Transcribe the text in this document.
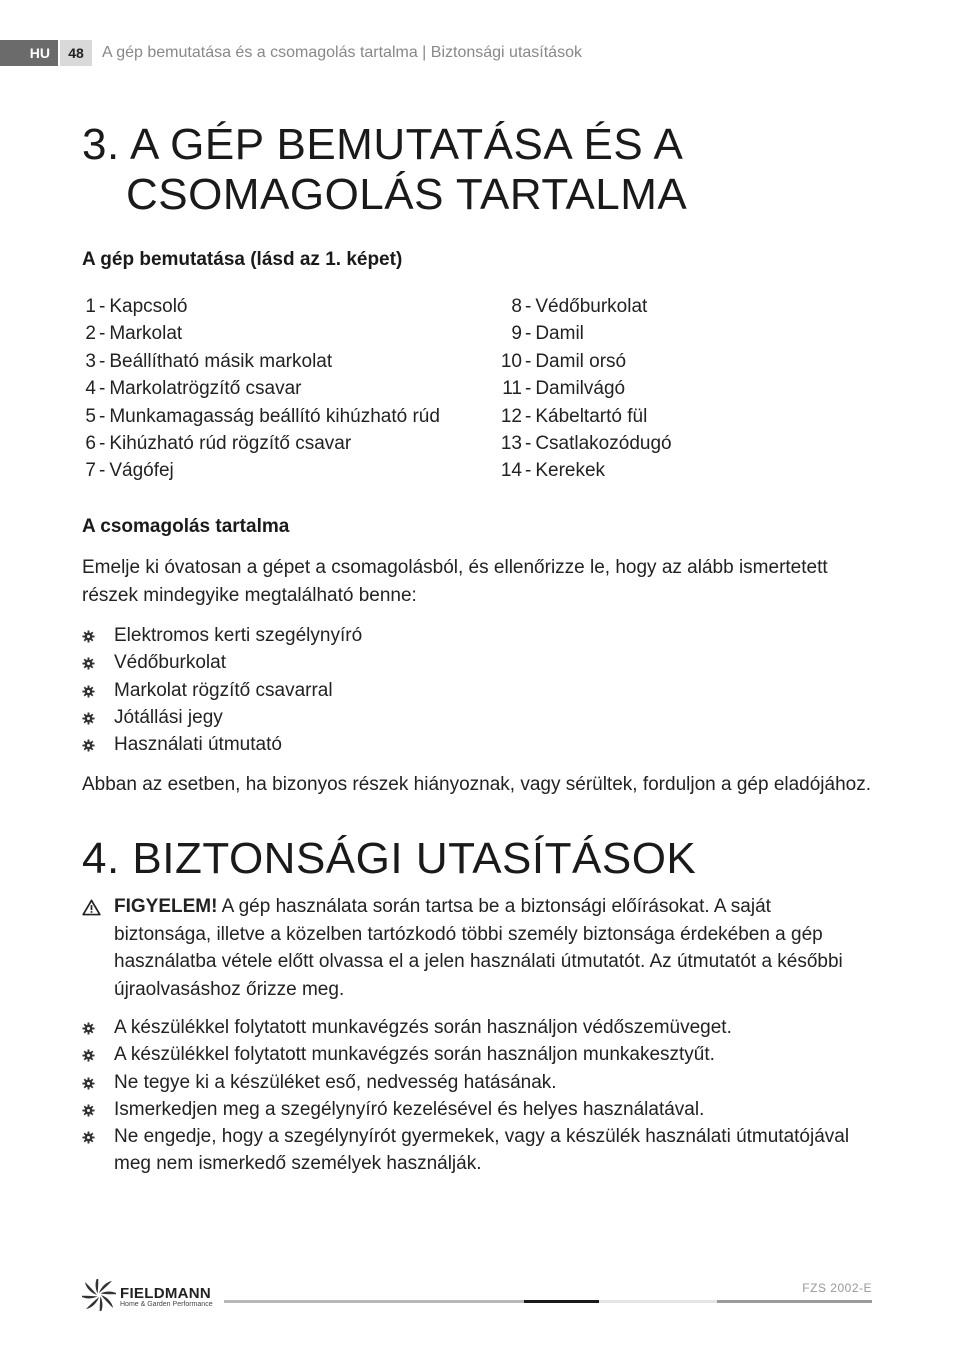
HU	48	A gép bemutatása és a csomagolás tartalma | Biztonsági utasítások
3. A GÉP BEMUTATÁSA ÉS A
CSOMAGOLÁS TARTALMA
A gép bemutatása (lásd az 1. képet)
1 - Kapcsoló
2 - Markolat
3 - Beállítható másik markolat
4 - Markolatrögzítő csavar
5 - Munkamagasság beállító kihúzható rúd
6 - Kihúzható rúd rögzítő csavar
7 - Vágófej
8 - Védőburkolat
9 - Damil
10 - Damil orsó
11 - Damilvágó
12 - Kábeltartó fül
13 - Csatlakozódugó
14 - Kerekek
A csomagolás tartalma

Emelje ki óvatosan a gépet a csomagolásból, és ellenőrizze le, hogy az alább ismertetett részek mindegyike megtalálható benne:

Elektromos kerti szegélynyíró
Védőburkolat
Markolat rögzítő csavarral
Jótállási jegy
Használati útmutató

Abban az esetben, ha bizonyos részek hiányoznak, vagy sérültek, forduljon a gép eladójához.

4. BIZTONSÁGI UTASÍTÁSOK
FIGYELEM! A gép használata során tartsa be a biztonsági előírásokat. A saját biztonsága, illetve a közelben tartózkodó többi személy biztonsága érdekében a gép használatba vétele előtt olvassa el a jelen használati útmutatót. Az útmutatót a későbbi újraolvasáshoz őrizze meg.
A készülékkel folytatott munkavégzés során használjon védőszemüveget.
A készülékkel folytatott munkavégzés során használjon munkakesztyűt.
Ne tegye ki a készüléket eső, nedvesség hatásának.
Ismerkedjen meg a szegélynyíró kezelésével és helyes használatával.
Ne engedje, hogy a szegélynyírót gyermekek, vagy a készülék használati útmutatójával meg nem ismerkedő személyek használják.
FIELDMANN
Home & Garden Performance
FZS 2002-E
